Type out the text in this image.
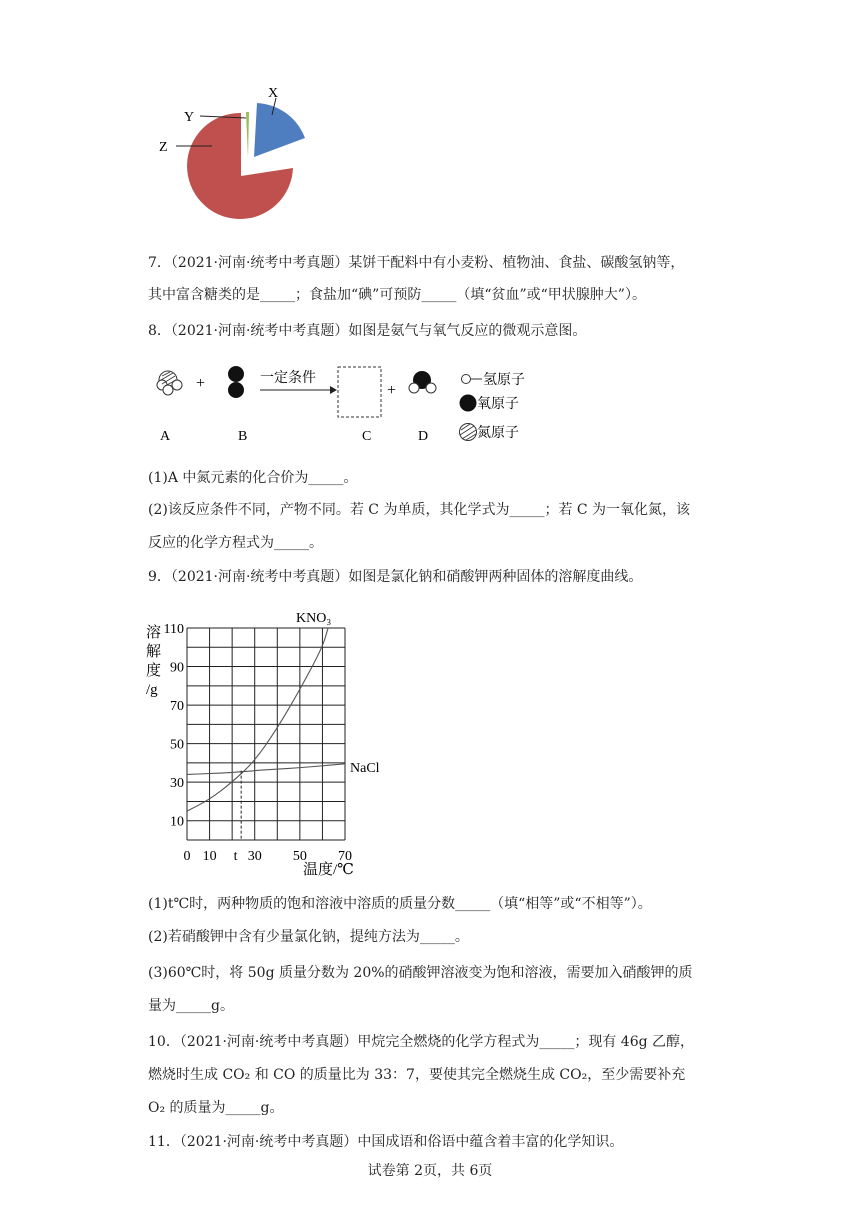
X
Y
Z
7．（2021·河南·统考中考真题）某饼干配料中有小麦粉、植物油、食盐、碳酸氢钠等，
其中富含糖类的是_____；食盐加“碘”可预防_____（填“贫血”或“甲状腺肿大”）。
8．（2021·河南·统考中考真题）如图是氨气与氧气反应的微观示意图。
+	一定条件
+
氢原子
氧原子
氮原子
A	B	C	D
(1)A 中氮元素的化合价为_____。
(2)该反应条件不同，产物不同。若 C 为单质，其化学式为_____；若 C 为一氧化氮，该
反应的化学方程式为_____。
9．（2021·河南·统考中考真题）如图是氯化钠和硝酸钾两种固体的溶解度曲线。
110
90
70
50
30
10
0 10 t 30 50 70
溶
解
度
/g
温度/℃
KNO₃
NaCl
(1)t℃时，两种物质的饱和溶液中溶质的质量分数_____（填“相等”或“不相等”）。
(2)若硝酸钾中含有少量氯化钠，提纯方法为_____。
(3)60℃时，将 50g 质量分数为 20%的硝酸钾溶液变为饱和溶液，需要加入硝酸钾的质
量为_____g。
10．（2021·河南·统考中考真题）甲烷完全燃烧的化学方程式为_____；现有 46g 乙醇，
燃烧时生成 CO₂ 和 CO 的质量比为 33：7，要使其完全燃烧生成 CO₂，至少需要补充
O₂ 的质量为_____g。
11．（2021·河南·统考中考真题）中国成语和俗语中蕴含着丰富的化学知识。
试卷第 2页，共 6页
